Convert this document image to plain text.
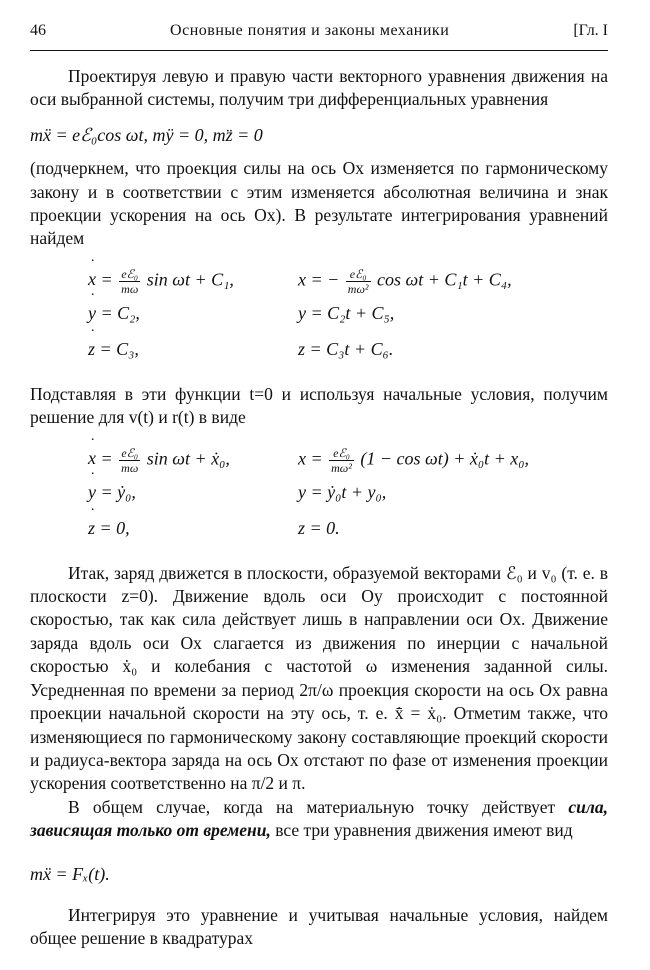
46	Основные понятия и законы механики	[Гл. I

Проектируя левую и правую части векторного уравнения движения на оси выбранной системы, получим три дифференциальных уравнения

mẍ = eℰ₀cos ωt, mÿ = 0, mz̈ = 0

(подчеркнем, что проекция силы на ось Ox изменяется по гармоническому закону и в соответствии с этим изменяется абсолютная величина и знак проекции ускорения на ось Ox). В результате интегрирования уравнений найдем

˙ $x = \frac{\text{eℰ₀}}{m\omega}$ sin ωt + C₁,	x = − $\frac{\text{eℰ₀}}{\text{mω²}}$ cos ωt + C₁t + C₄,
˙ y = C₂,	y = C₂t + C₅,
˙ z = C₃,	z = C₃t + C₆.

Подставляя в эти функции t=0 и используя начальные условия, получим решение для v(t) и r(t) в виде

˙ $x = \frac{\text{eℰ₀}}{m\omega}$ sin ωt + ẋ₀,	$x = \frac{\text{eℰ₀}}{\text{mω²}} (1 - \cos \omega t)$ + ẋ₀t + x₀,
˙ y = ẏ₀,	y = ẏ₀t + y₀,
˙ z = 0,	z = 0.

Итак, заряд движется в плоскости, образуемой векторами ℰ₀ и v₀ (т. е. в плоскости z=0). Движение вдоль оси Oy происходит с постоянной скоростью, так как сила действует лишь в направлении оси Ox. Движение заряда вдоль оси Ox слагается из движения по инерции с начальной скоростью ẋ₀ и колебания с частотой ω изменения заданной силы. Усредненная по времени за период 2π/ω проекция скорости на ось Ox равна проекции начальной скорости на эту ось, т. е. x̄̇ = ẋ₀. Отметим также, что изменяющиеся по гармоническому закону составляющие проекций скорости и радиуса-вектора заряда на ось Ox отстают по фазе от изменения проекции ускорения соответственно на π/2 и π.

В общем случае, когда на материальную точку действует сила, зависящая только от времени, все три уравнения движения имеют вид

mẍ = Fₓ(t).

Интегрируя это уравнение и учитывая начальные условия, найдем общее решение в квадратурах
